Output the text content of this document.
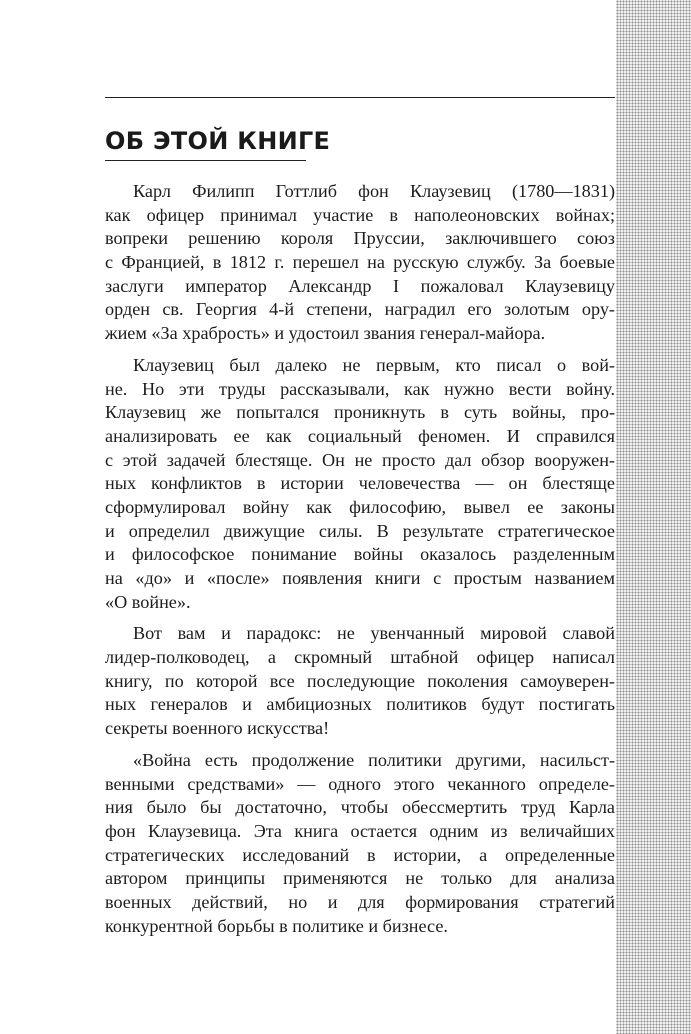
ОБ ЭТОЙ КНИГЕ

Карл Филипп Готтлиб фон Клаузевиц (1780—1831)
как офицер принимал участие в наполеоновских войнах;
вопреки решению короля Пруссии, заключившего союз
с Францией, в 1812 г. перешел на русскую службу. За боевые
заслуги император Александр I пожаловал Клаузевицу
орден св. Георгия 4-й степени, наградил его золотым ору-
жием «За храбрость» и удостоил звания генерал-майора.

Клаузевиц был далеко не первым, кто писал о вой-
не. Но эти труды рассказывали, как нужно вести войну.
Клаузевиц же попытался проникнуть в суть войны, про-
анализировать ее как социальный феномен. И справился
с этой задачей блестяще. Он не просто дал обзор вооружен-
ных конфликтов в истории человечества — он блестяще
сформулировал войну как философию, вывел ее законы
и определил движущие силы. В результате стратегическое
и философское понимание войны оказалось разделенным
на «до» и «после» появления книги с простым названием
«О войне».

Вот вам и парадокс: не увенчанный мировой славой
лидер-полководец, а скромный штабной офицер написал
книгу, по которой все последующие поколения самоуверен-
ных генералов и амбициозных политиков будут постигать
секреты военного искусства!

«Война есть продолжение политики другими, насильст-
венными средствами» — одного этого чеканного определе-
ния было бы достаточно, чтобы обессмертить труд Карла
фон Клаузевица. Эта книга остается одним из величайших
стратегических исследований в истории, а определенные
автором принципы применяются не только для анализа
военных действий, но и для формирования стратегий
конкурентной борьбы в политике и бизнесе.
